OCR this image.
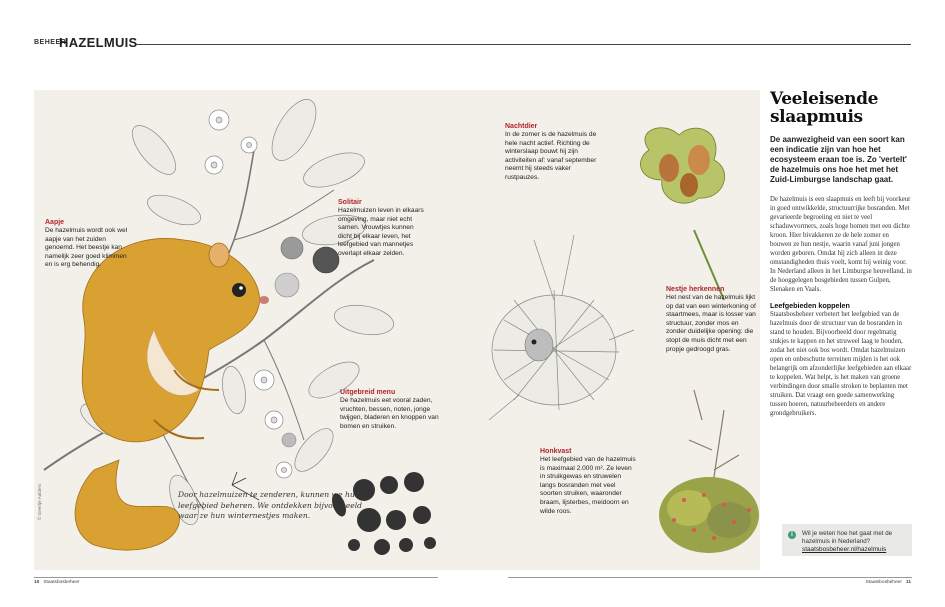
BEHEER
HAZELMUIS
Aapje
De hazelmuis wordt ook wel aapje van het zuiden genoemd. Het beestje kan namelijk zeer goed klimmen en is erg behendig.
Solitair
Hazelmuizen leven in elkaars omgeving, maar niet echt samen. Vrouwtjes kunnen dicht bij elkaar leven, het leefgebied van mannetjes overlapt elkaar zelden.
Uitgebreid menu
De hazelmuis eet vooral zaden, vruchten, bessen, noten, jonge twijgen, bladeren en knoppen van bomen en struiken.
Nachtdier
In de zomer is de hazelmuis de hele nacht actief. Richting de winterslaap bouwt hij zijn activiteiten af: vanaf september neemt hij steeds vaker rustpauzes.
Nestje herkennen
Het nest van de hazelmuis lijkt op dat van een winterkoning of staartmees, maar is losser van structuur, zonder mos en zonder duidelijke opening: die stopt de muis dicht met een propje gedroogd gras.
Honkvast
Het leefgebied van de hazelmuis is maximaal 2.000 m². Ze leven in struikgewas en struwelen langs bosranden met veel soorten struiken, waaronder braam, lijsterbes, meidoorn en wilde roos.
Door hazelmuizen te zenderen, kunnen we hun leefgebied beheren. We ontdekken bijvoorbeeld waar ze hun winternestjes maken.
© Geertje Aalders
Veeleisende slaapmuis

De aanwezigheid van een soort kan een indicatie zijn van hoe het ecosysteem eraan toe is. Zo 'vertelt' de hazelmuis ons hoe het met het Zuid-Limburgse landschap gaat.

De hazelmuis is een slaapmuis en leeft bij voorkeur in goed ontwikkelde, structuurrijke bosranden. Met gevarieerde begroeiing en niet te veel schaduwvormers, zoals hoge bomen met een dichte kroon. Hier bivakkeren ze de hele zomer en bouwen ze hun nestje, waarin vanaf juni jongen worden geboren. Omdat hij zich alleen in deze omstandigheden thuis voelt, komt hij weinig voor. In Nederland alleen in het Limburgse heuvelland, in de hooggelegen bosgebieden tussen Gulpen, Slenaken en Vaals.

Leefgebieden koppelen

Staatsbosbeheer verbetert het leefgebied van de hazelmuis door de structuur van de bosranden in stand te houden. Bijvoorbeeld door regelmatig stukjes te kappen en het struweel laag te houden, zodat het niet ook bos wordt. Omdat hazelmuizen open en onbeschutte terreinen mijden is het ook belangrijk om afzonderlijke leefgebieden aan elkaar te koppelen. Wat helpt, is het maken van groene verbindingen door smalle stroken te beplanten met struiken. Dat vraagt een goede samenwerking tussen boeren, natuurbeheerders en andere grondgebruikers.

i	Wil je weten hoe het gaat met de hazelmuis in Nederland?
staatsbosbeheer.nl/hazelmuis
10 Staatsbosbeheer	Staatsbosbeheer 11
